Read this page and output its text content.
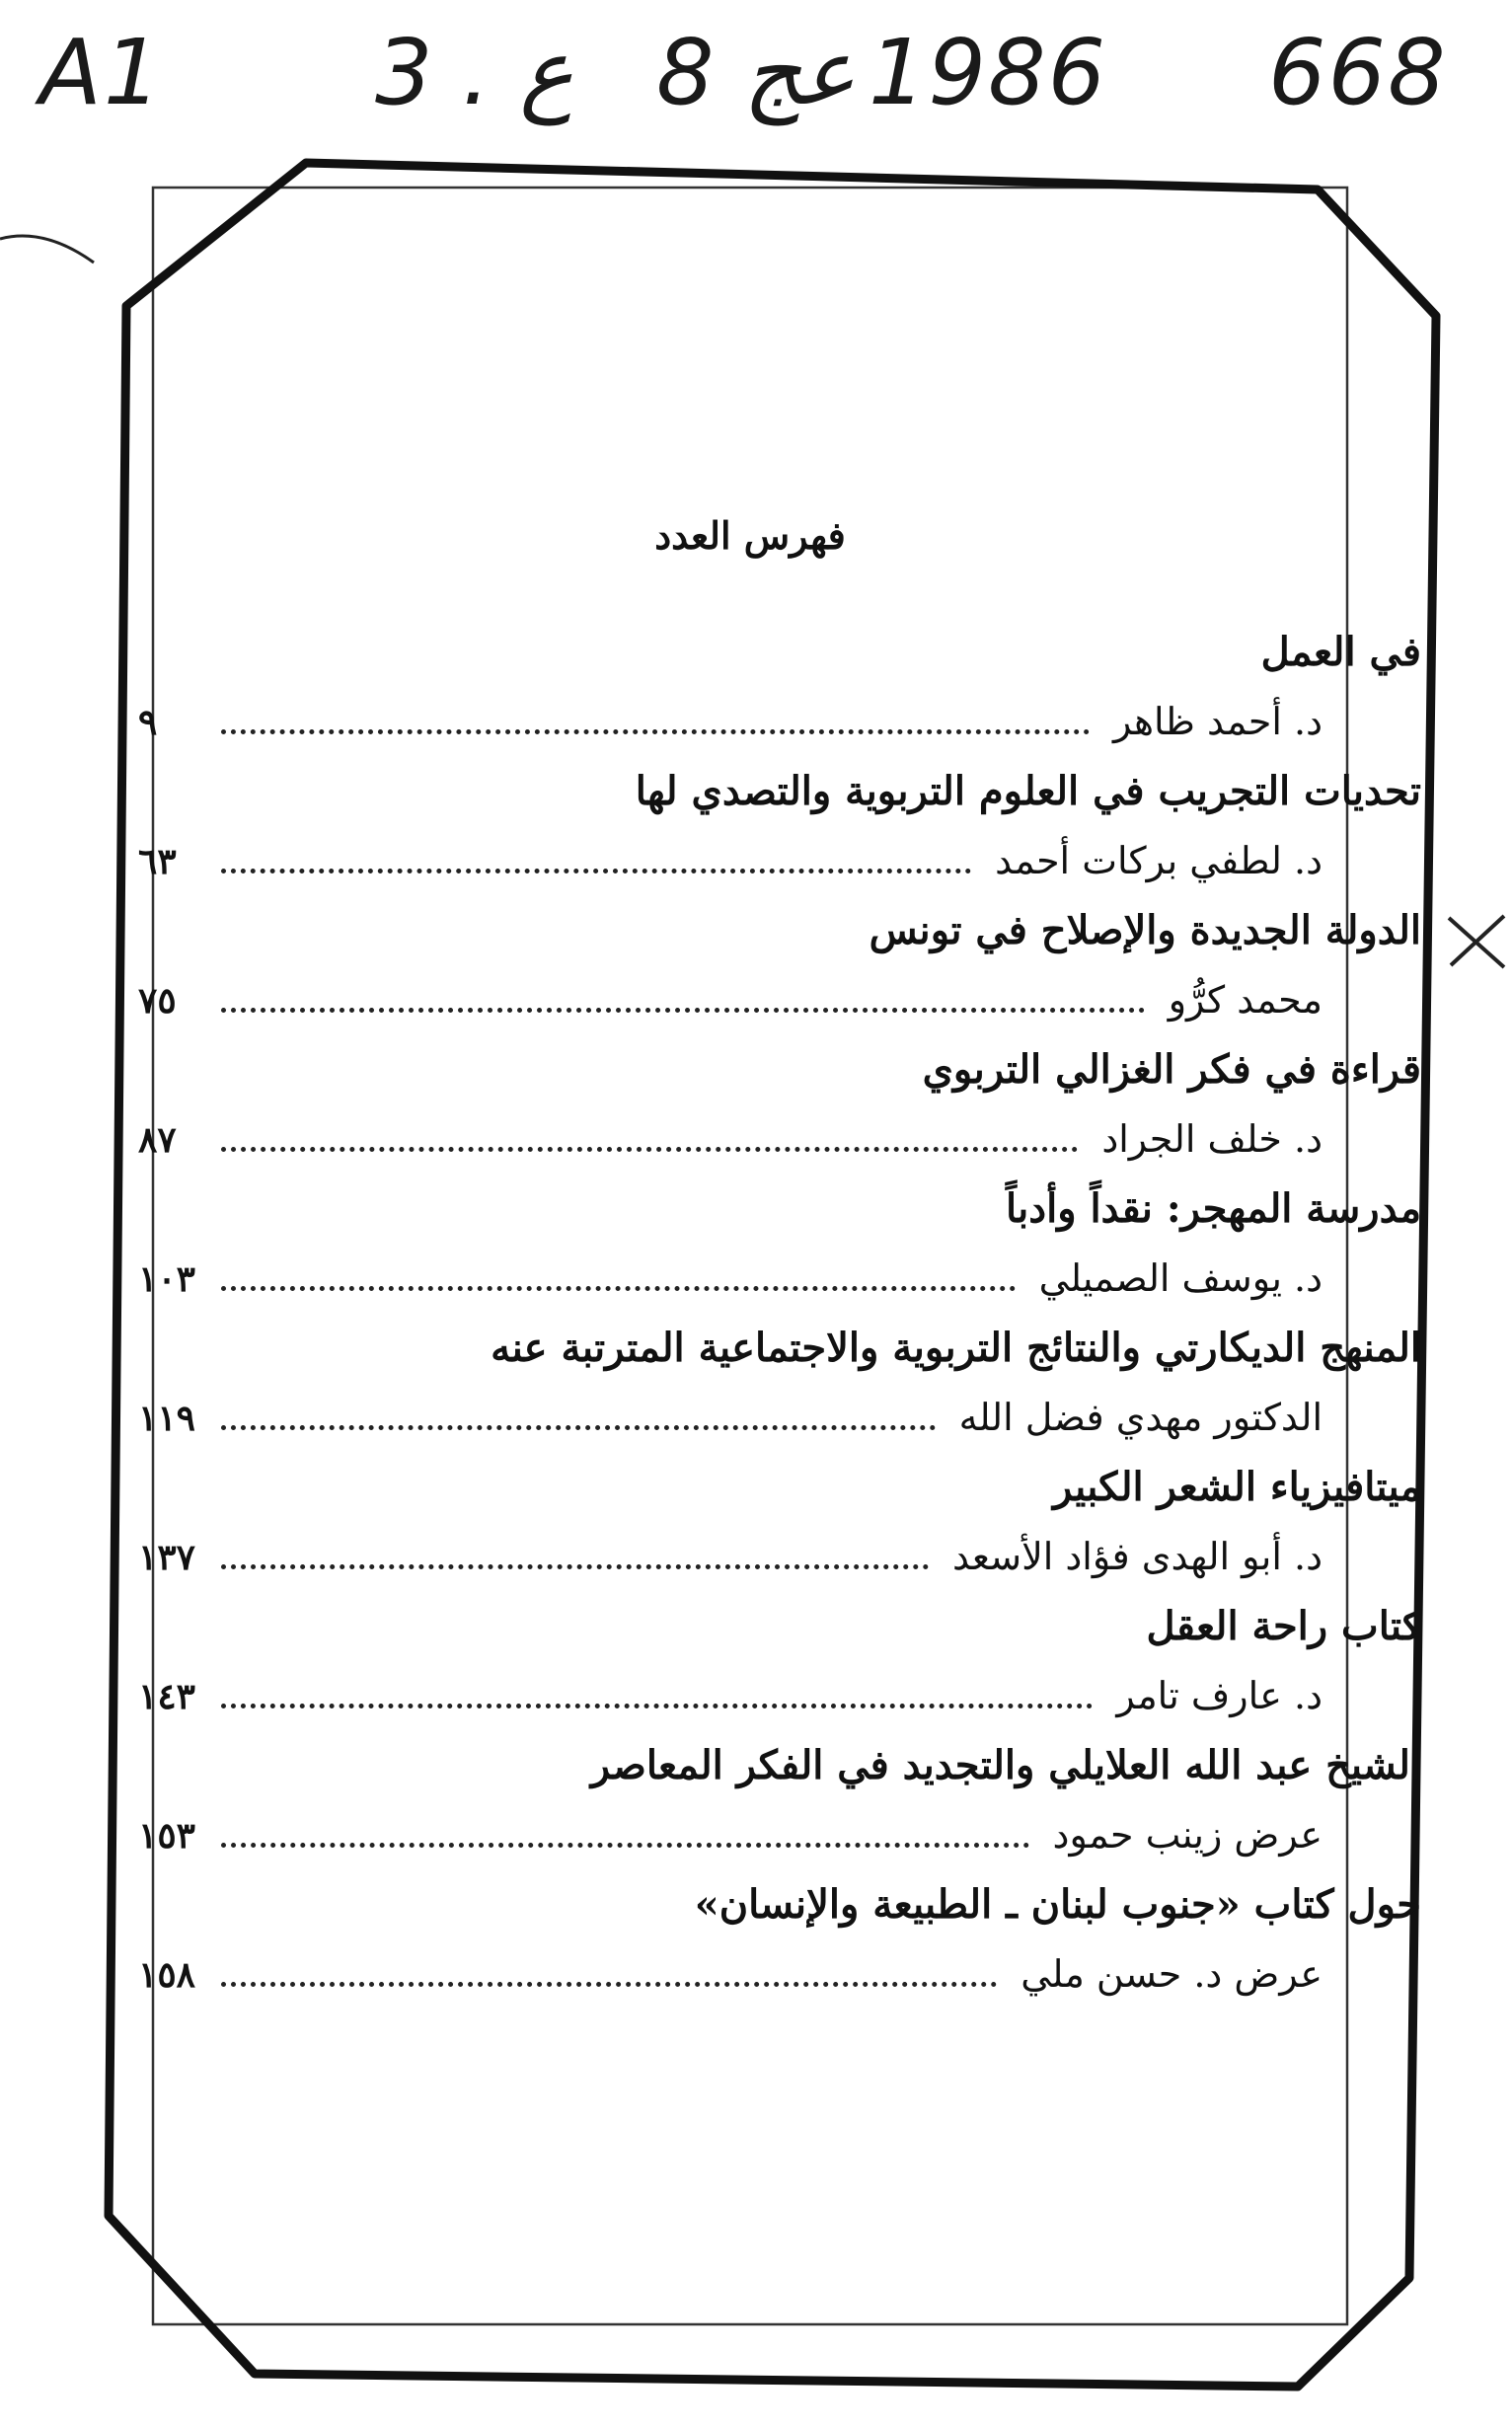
A1 3 . ع 8 عج 1986 668
فهرس العدد
في العمل
د. أحمد ظاهر
٩
تحديات التجريب في العلوم التربوية والتصدي لها
د. لطفي بركات أحمد
٦٣
الدولة الجديدة والإصلاح في تونس
محمد كرُّو
٧٥
قراءة في فكر الغزالي التربوي
د. خلف الجراد
٨٧
مدرسة المهجر: نقداً وأدباً
د. يوسف الصميلي
١٠٣
المنهج الديكارتي والنتائج التربوية والاجتماعية المترتبة عنه
الدكتور مهدي فضل الله
١١٩
ميتافيزياء الشعر الكبير
د. أبو الهدى فؤاد الأسعد
١٣٧
كتاب راحة العقل
د. عارف تامر
١٤٣
الشيخ عبد الله العلايلي والتجديد في الفكر المعاصر
عرض زينب حمود
١٥٣
حول كتاب «جنوب لبنان ـ الطبيعة والإنسان»
عرض د. حسن ملي
١٥٨
